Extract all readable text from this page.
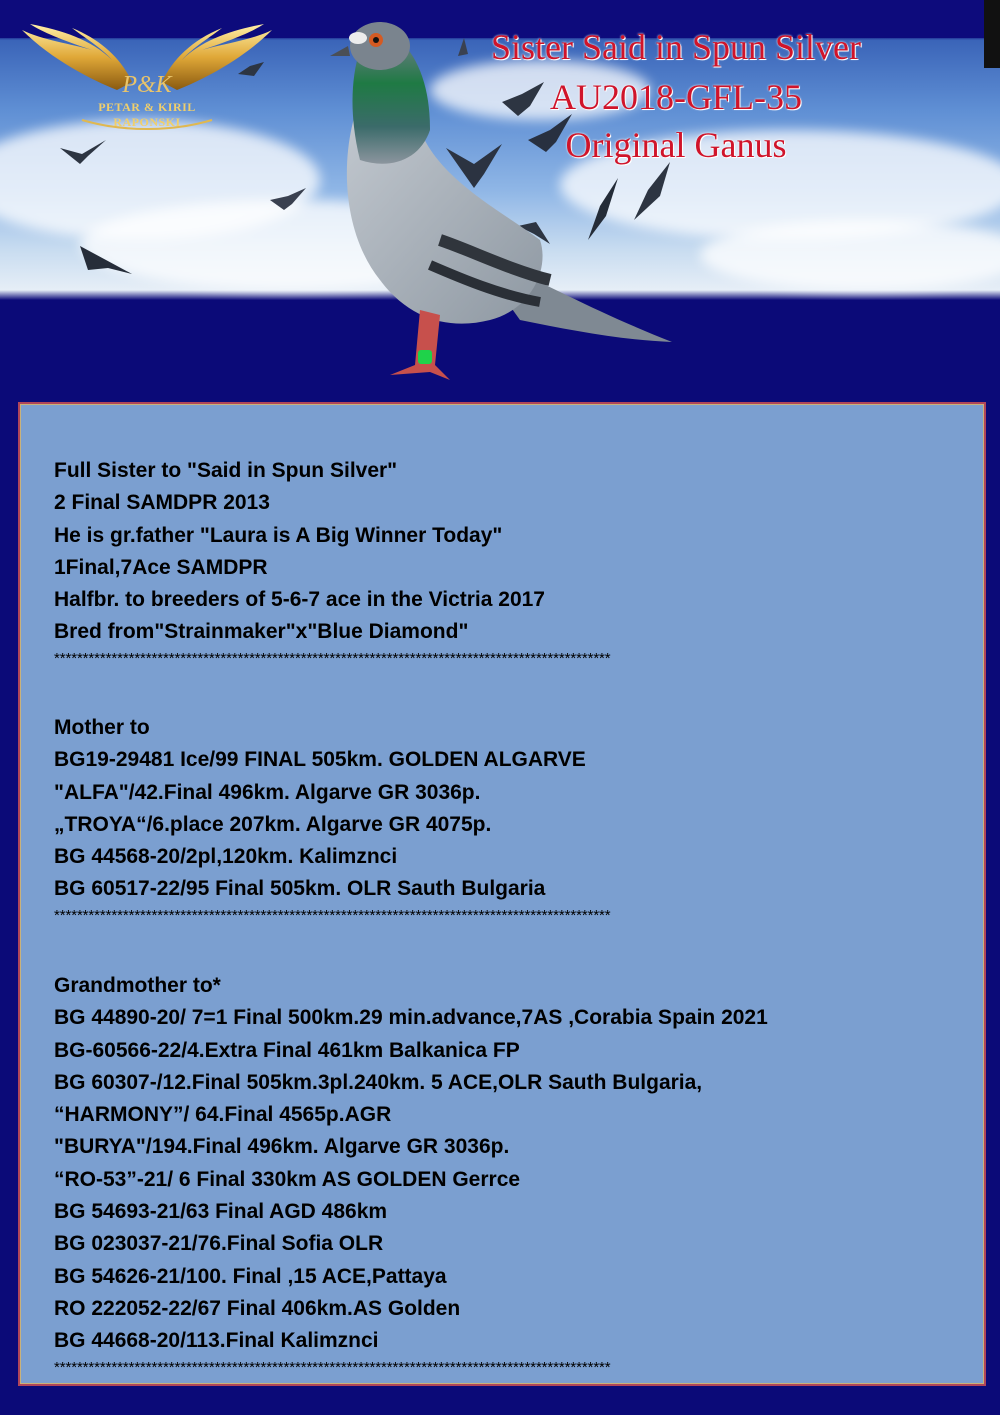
P&K
PETAR & KIRIL
RAPONSKI
Sister Said in Spun Silver
AU2018-GFL-35
Original Ganus
Full Sister to "Said in Spun Silver"
2 Final SAMDPR 2013
He is gr.father "Laura is A Big Winner Today"
1Final,7Ace SAMDPR
Halfbr. to breeders of 5-6-7 ace in the Victria 2017
Bred from"Strainmaker"x"Blue Diamond"
*************************************************************************************************
Mother to
BG19-29481 Ice/99 FINAL 505km. GOLDEN ALGARVE
"ALFA"/42.Final 496km. Algarve GR 3036p.
„TROYA“/6.place 207km. Algarve GR 4075p.
BG 44568-20/2pl,120km. Kalimznci
BG 60517-22/95 Final 505km. OLR Sauth Bulgaria
*************************************************************************************************
Grandmother to*
BG 44890-20/ 7=1 Final 500km.29 min.advance,7AS ,Corabia Spain 2021
BG-60566-22/4.Extra Final 461km Balkanica FP
BG 60307-/12.Final 505km.3pl.240km. 5 ACE,OLR Sauth Bulgaria,
“HARMONY”/ 64.Final 4565p.AGR
"BURYA"/194.Final 496km. Algarve GR 3036p.
“RO-53”-21/ 6 Final 330km AS GOLDEN Gerrce
BG 54693-21/63 Final AGD 486km
BG 023037-21/76.Final Sofia OLR
BG 54626-21/100. Final ,15 ACE,Pattaya
RO 222052-22/67 Final 406km.AS Golden
BG 44668-20/113.Final Kalimznci
*************************************************************************************************
